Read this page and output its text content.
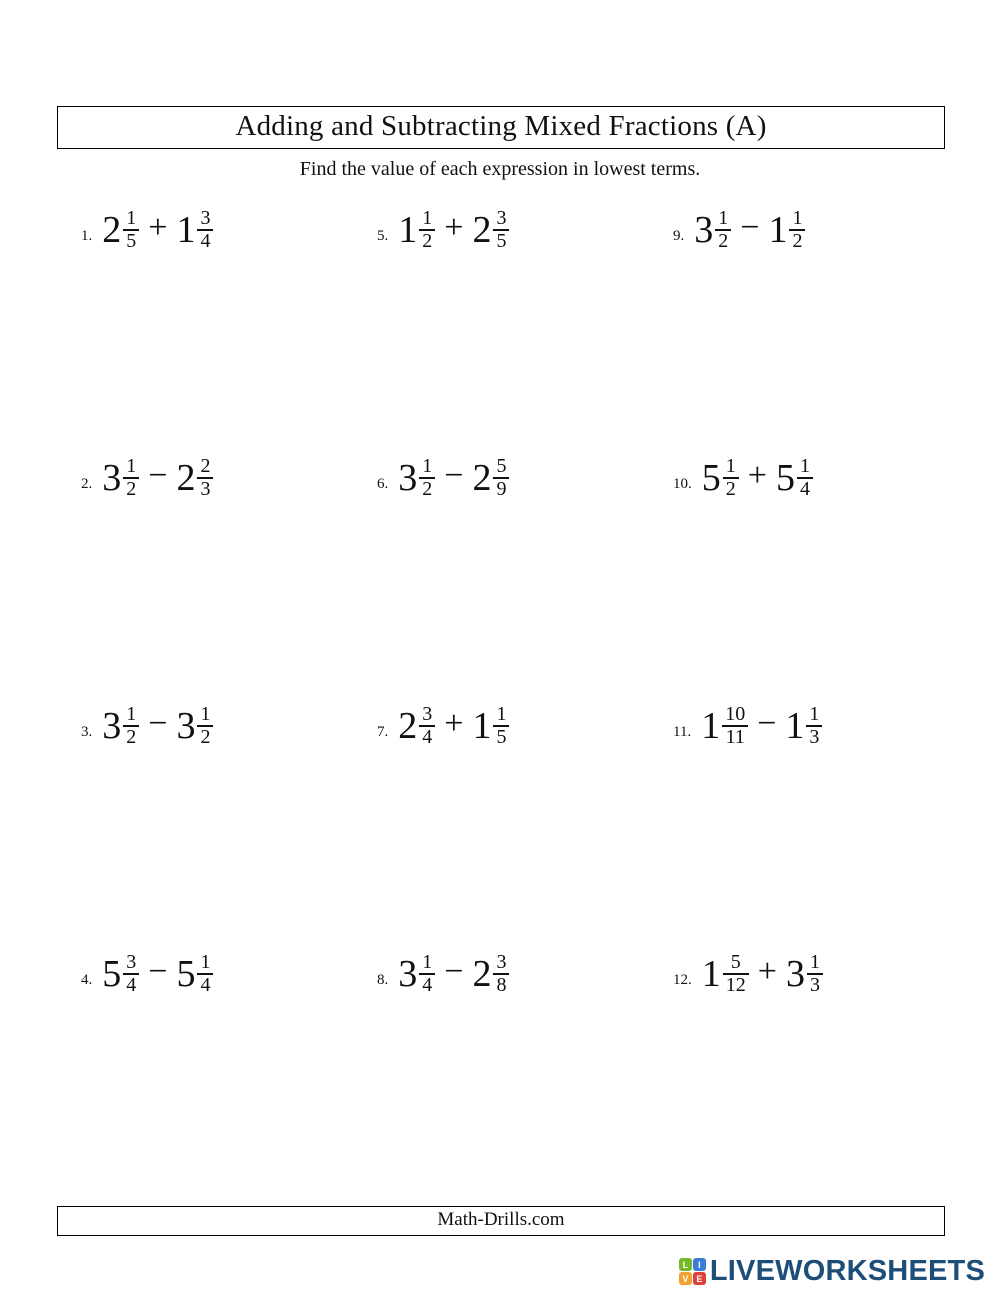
Adding and Subtracting Mixed Fractions (A)
Find the value of each expression in lowest terms.
1. $2 \frac{1}{5} + 1 \frac{3}{4}$
2. $3 \frac{1}{2} - 2 \frac{2}{3}$
3. $3 \frac{1}{2} - 3 \frac{1}{2}$
4. $5 \frac{3}{4} - 5 \frac{1}{4}$
5. $1 \frac{1}{2} + 2 \frac{3}{5}$
6. $3 \frac{1}{2} - 2 \frac{5}{9}$
7. $2 \frac{3}{4} + 1 \frac{1}{5}$
8. $3 \frac{1}{4} - 2 \frac{3}{8}$
9. $3 \frac{1}{2} - 1 \frac{1}{2}$
10. $5 \frac{1}{2} + 5 \frac{1}{4}$
11. $1 \frac{10}{11} - 1 \frac{1}{3}$
12. $1 \frac{5}{12} + 3 \frac{1}{3}$
Math-Drills.com
L	I
V E LIVEWORKSHEETS
